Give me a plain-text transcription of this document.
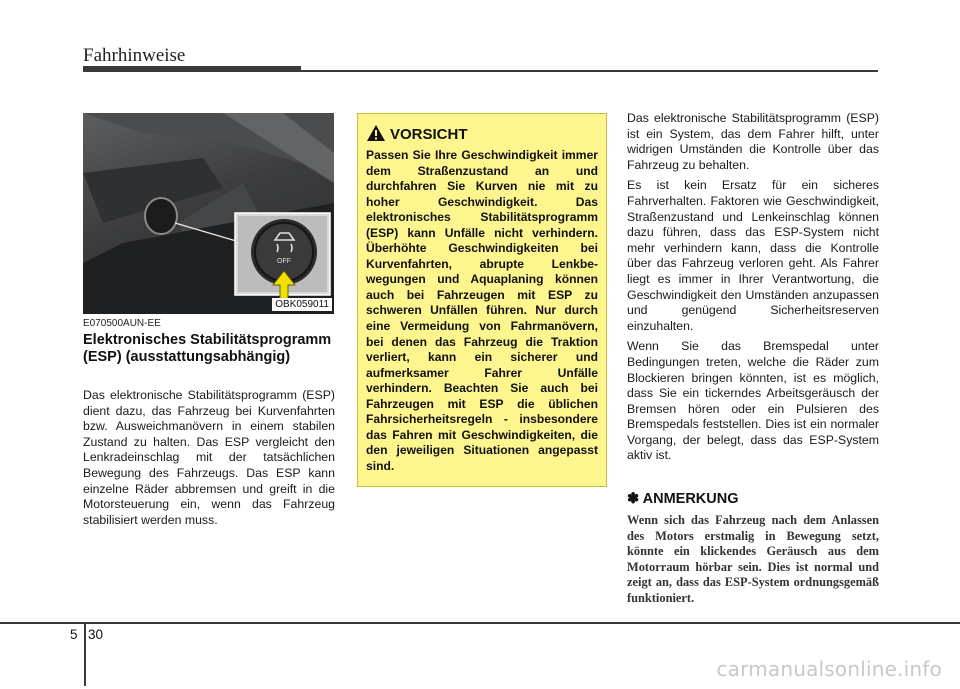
Fahrhinweise
OFF
OBK059011
E070500AUN-EE
Elektronisches Stabilitätsprogramm (ESP) (ausstattungsabhängig)
Das elektronische Stabilitätsprogramm (ESP) dient dazu, das Fahrzeug bei Kurvenfahrten bzw. Ausweichmanövern in einem stabilen Zustand zu halten. Das ESP vergleicht den Lenkradeinschlag mit der tatsächlichen Bewegung des Fahrzeugs. Das ESP kann einzelne Räder abbremsen und greift in die Motorsteuerung ein, wenn das Fahrzeug stabilisiert werden muss.
VORSICHT
Passen Sie Ihre Geschwindigkeit immer dem Straßenzustand an und durchfahren Sie Kurven nie mit zu hoher Geschwindigkeit. Das elektronisches Stabilitätsprogramm (ESP) kann Unfälle nicht verhindern. Überhöhte Geschwindigkeiten bei Kurvenfahrten, abrupte Lenkbewegungen und Aquaplaning können auch bei Fahrzeugen mit ESP zu schweren Unfällen führen. Nur durch eine Vermeidung von Fahrmanövern, bei denen das Fahrzeug die Traktion verliert, kann ein sicherer und aufmerksamer Fahrer Unfälle verhindern. Beachten Sie auch bei Fahrzeugen mit ESP die üblichen Fahrsicherheitsregeln - insbesondere das Fahren mit Geschwindigkeiten, die den jeweiligen Situationen angepasst sind.

Das elektronische Stabilitätsprogramm (ESP) ist ein System, das dem Fahrer hilft, unter widrigen Umständen die Kontrolle über das Fahrzeug zu behalten.

Es ist kein Ersatz für ein sicheres Fahrverhalten. Faktoren wie Geschwindigkeit, Straßenzustand und Lenkeinschlag können dazu führen, dass das ESP-System nicht mehr verhindern kann, dass die Kontrolle über das Fahrzeug verloren geht. Als Fahrer liegt es immer in Ihrer Verantwortung, die Geschwindigkeit den Umständen anzupassen und genügend Sicherheitsreserven einzuhalten.

Wenn Sie das Bremspedal unter Bedingungen treten, welche die Räder zum Blockieren bringen könnten, ist es möglich, dass Sie ein tickerndes Arbeitsgeräusch der Bremsen hören oder ein Pulsieren des Bremspedals feststellen. Dies ist ein normaler Vorgang, der belegt, dass das ESP-System aktiv ist.

✽ ANMERKUNG
Wenn sich das Fahrzeug nach dem Anlassen des Motors erstmalig in Bewegung setzt, könnte ein klickendes Geräusch aus dem Motorraum hörbar sein. Dies ist normal und zeigt an, dass das ESP-System ordnungsgemäß funktioniert.
5 30
carmanualsonline.info
